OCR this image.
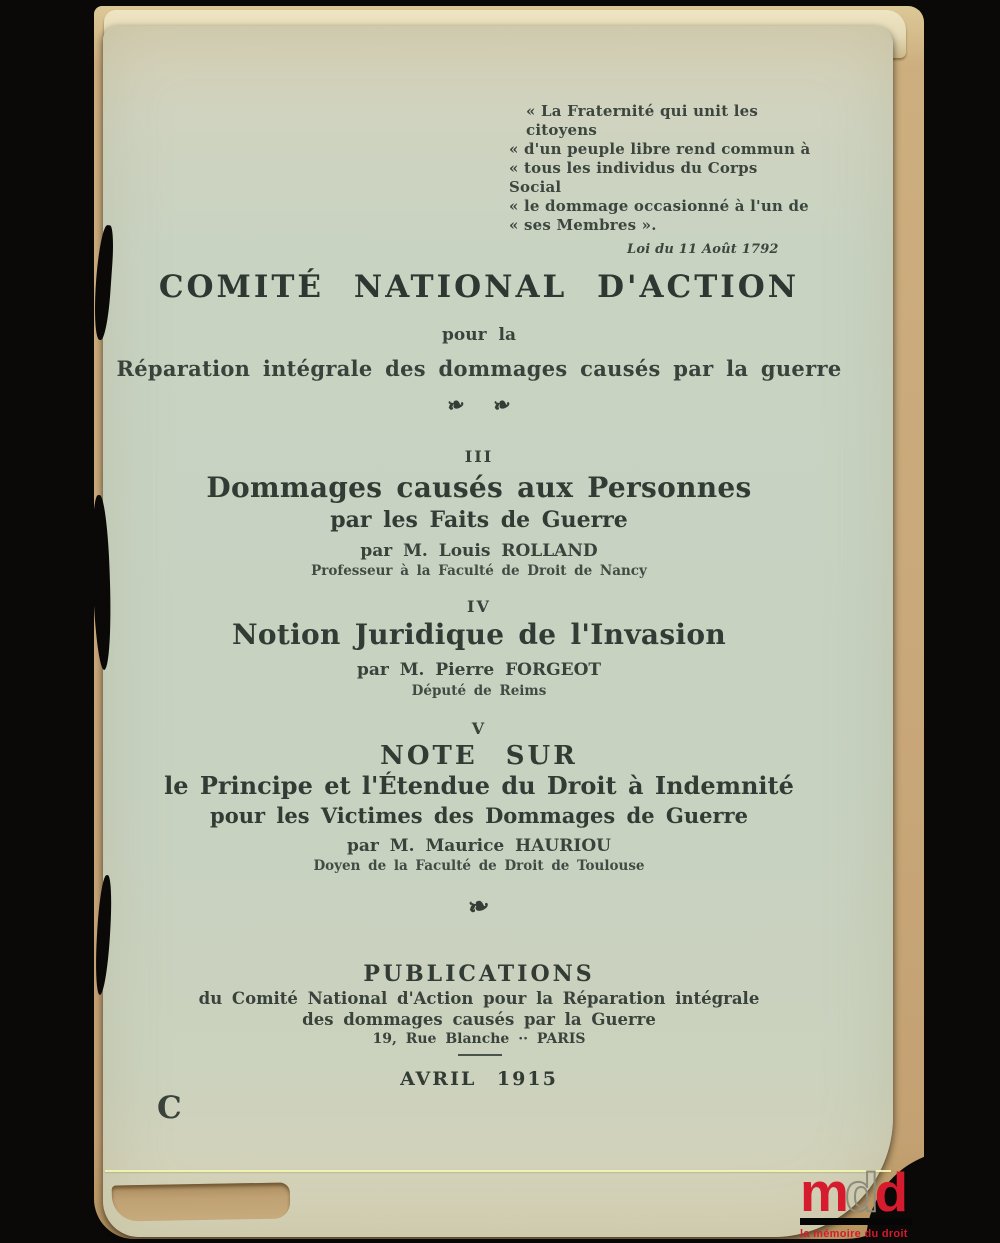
« La Fraternité qui unit les citoyens
« d'un peuple libre rend commun à
« tous les individus du Corps Social
« le dommage occasionné à l'un de
« ses Membres ».
Loi du 11 Août 1792
COMITÉ NATIONAL D'ACTION
pour la
Réparation intégrale des dommages causés par la guerre
❧ ❧
III
Dommages causés aux Personnes
par les Faits de Guerre
par M. Louis ROLLAND
Professeur à la Faculté de Droit de Nancy
IV
Notion Juridique de l'Invasion
par M. Pierre FORGEOT
Député de Reims
V
NOTE SUR
le Principe et l'Étendue du Droit à Indemnité
pour les Victimes des Dommages de Guerre
par M. Maurice HAURIOU
Doyen de la Faculté de Droit de Toulouse
❧
PUBLICATIONS
du Comité National d'Action pour la Réparation intégrale
des dommages causés par la Guerre
19, Rue Blanche ·· PARIS
AVRIL 1915
C
mdd
la mémoire du droit
